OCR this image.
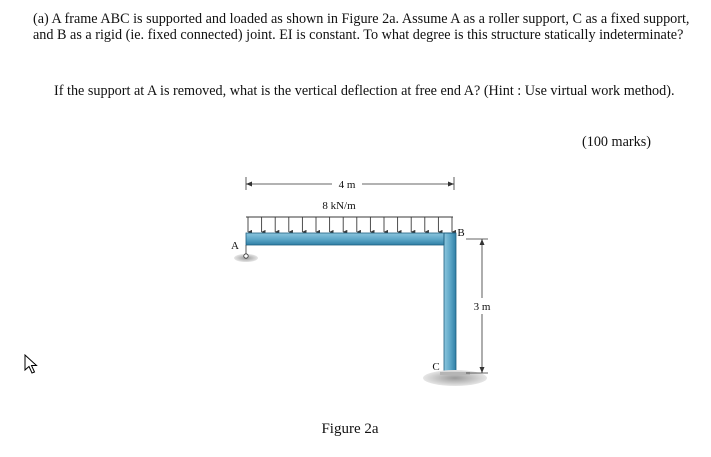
(a) A frame ABC is supported and loaded as shown in Figure 2a. Assume A as a roller support, C as a fixed support, and B as a rigid (ie. fixed connected) joint. EI is constant. To what degree is this structure statically indeterminate?

If the support at A is removed, what is the vertical deflection at free end A? (Hint : Use virtual work method).

(100 marks)
4 m
8 kN/m
3 m
A
B
C
Figure 2a
